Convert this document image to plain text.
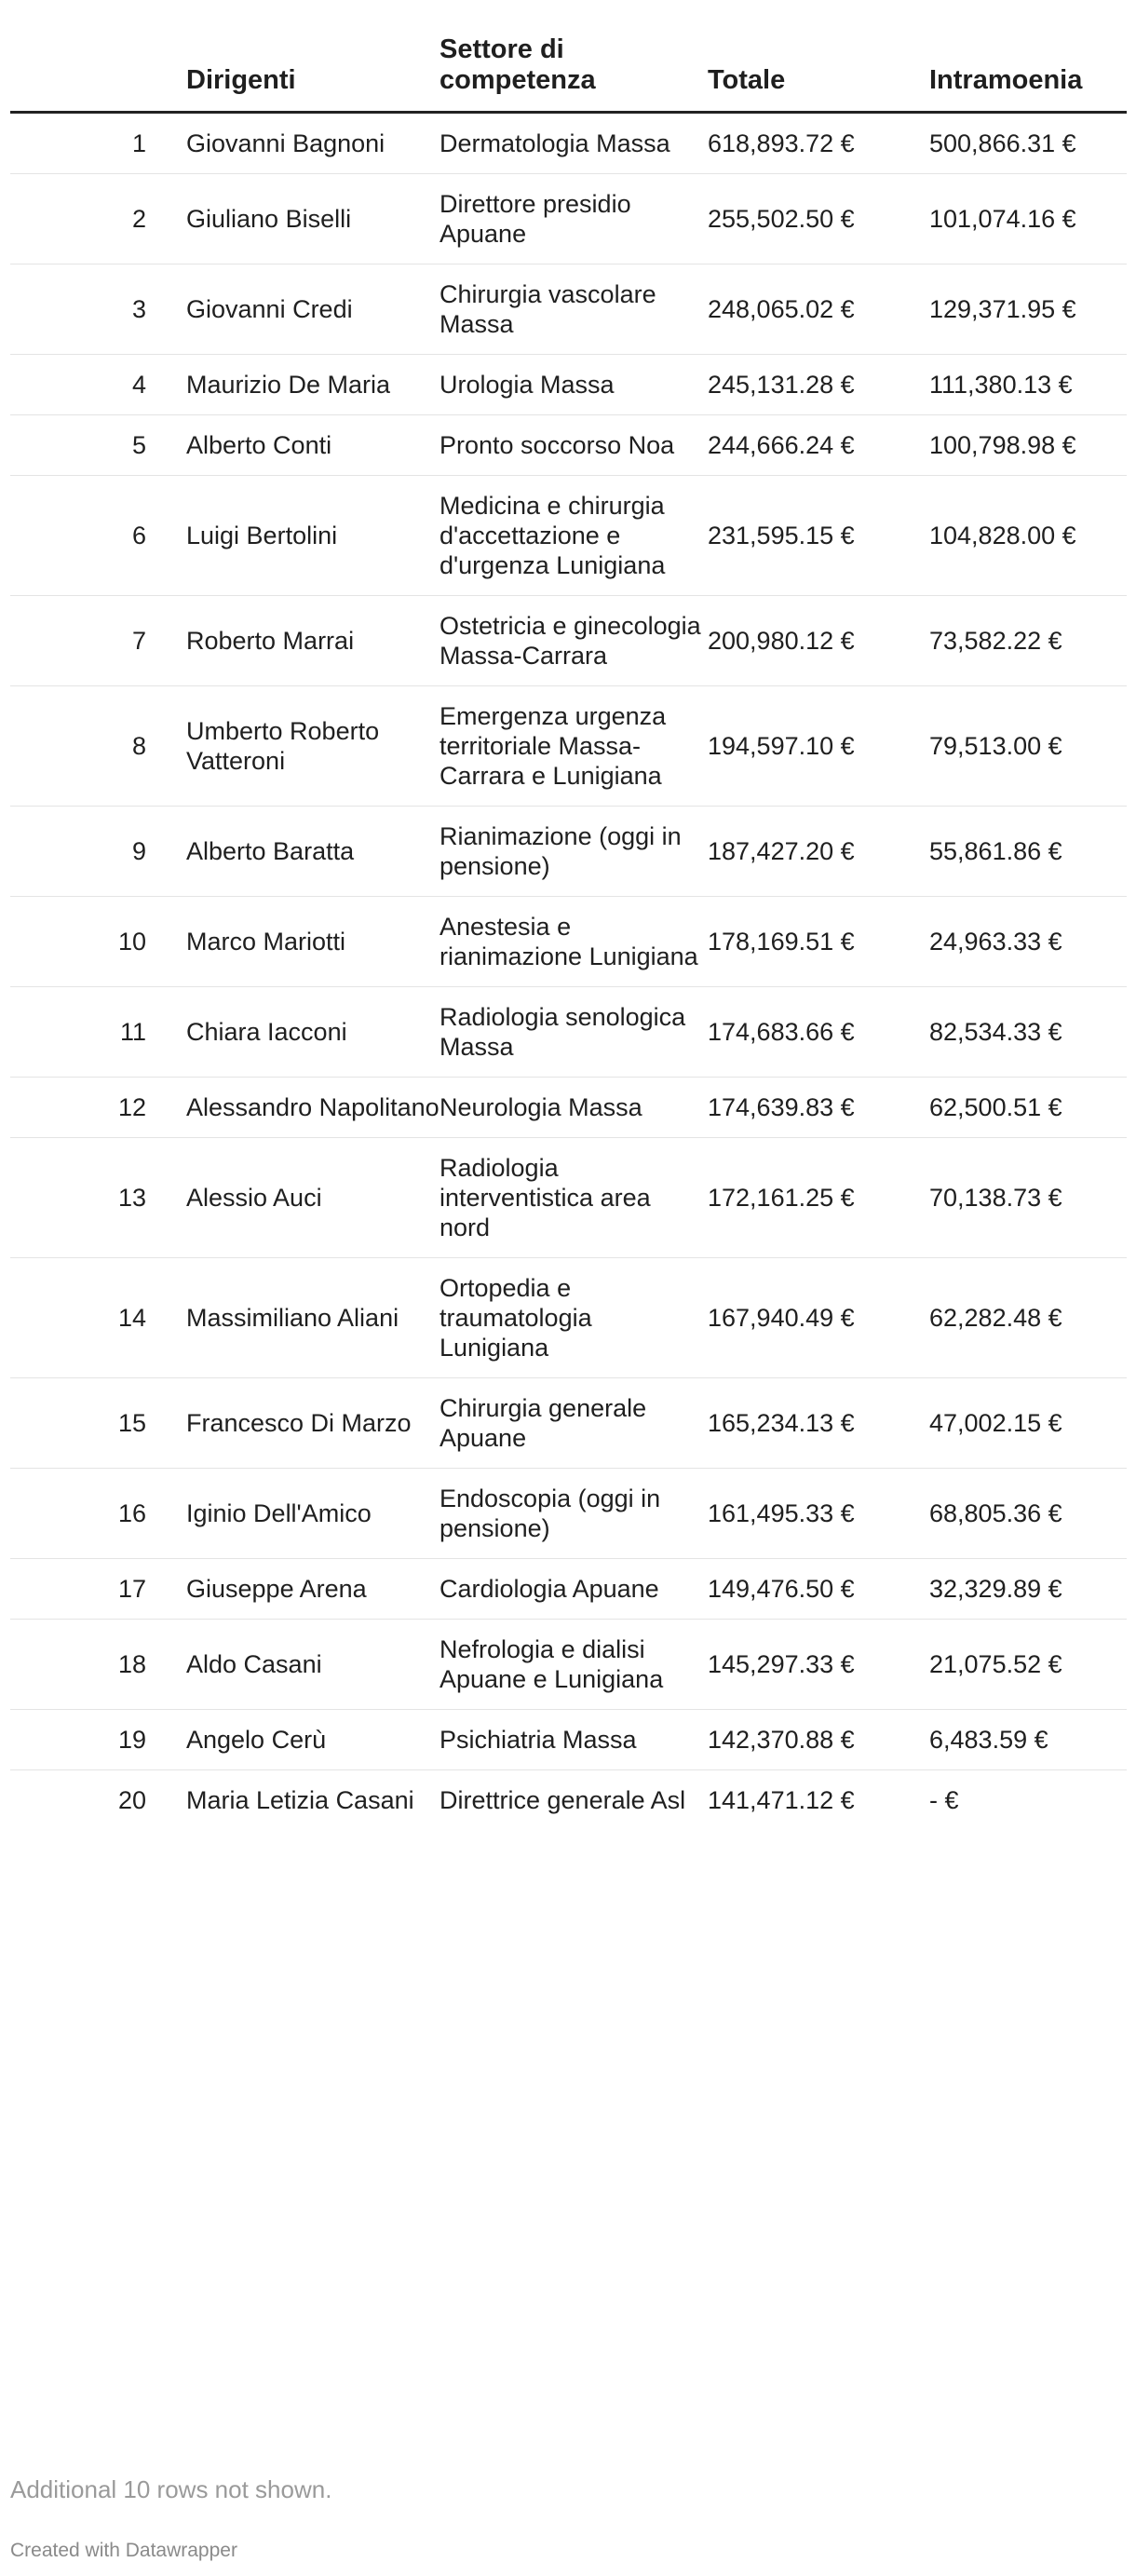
	Dirigenti	Settore di competenza	Totale	Intramoenia
1	Giovanni Bagnoni	Dermatologia Massa	618,893.72 €	500,866.31 €
2	Giuliano Biselli	Direttore presidio Apuane	255,502.50 €	101,074.16 €
3	Giovanni Credi	Chirurgia vascolare Massa	248,065.02 €	129,371.95 €
4	Maurizio De Maria	Urologia Massa	245,131.28 €	111,380.13 €
5	Alberto Conti	Pronto soccorso Noa	244,666.24 €	100,798.98 €
6	Luigi Bertolini	Medicina e chirurgia d'accettazione e d'urgenza Lunigiana	231,595.15 €	104,828.00 €
7	Roberto Marrai	Ostetricia e ginecologia Massa-Carrara	200,980.12 €	73,582.22 €
8	Umberto Roberto Vatteroni	Emergenza urgenza territoriale Massa-Carrara e Lunigiana	194,597.10 €	79,513.00 €
9	Alberto Baratta	Rianimazione (oggi in pensione)	187,427.20 €	55,861.86 €
10	Marco Mariotti	Anestesia e rianimazione Lunigiana	178,169.51 €	24,963.33 €
11	Chiara Iacconi	Radiologia senologica Massa	174,683.66 €	82,534.33 €
12	Alessandro Napolitano	Neurologia Massa	174,639.83 €	62,500.51 €
13	Alessio Auci	Radiologia interventistica area nord	172,161.25 €	70,138.73 €
14	Massimiliano Aliani	Ortopedia e traumatologia Lunigiana	167,940.49 €	62,282.48 €
15	Francesco Di Marzo	Chirurgia generale Apuane	165,234.13 €	47,002.15 €
16	Iginio Dell'Amico	Endoscopia (oggi in pensione)	161,495.33 €	68,805.36 €
17	Giuseppe Arena	Cardiologia Apuane	149,476.50 €	32,329.89 €
18	Aldo Casani	Nefrologia e dialisi Apuane e Lunigiana	145,297.33 €	21,075.52 €
19	Angelo Cerù	Psichiatria Massa	142,370.88 €	6,483.59 €
20	Maria Letizia Casani	Direttrice generale Asl	141,471.12 €	- €
Additional 10 rows not shown.
Created with Datawrapper
